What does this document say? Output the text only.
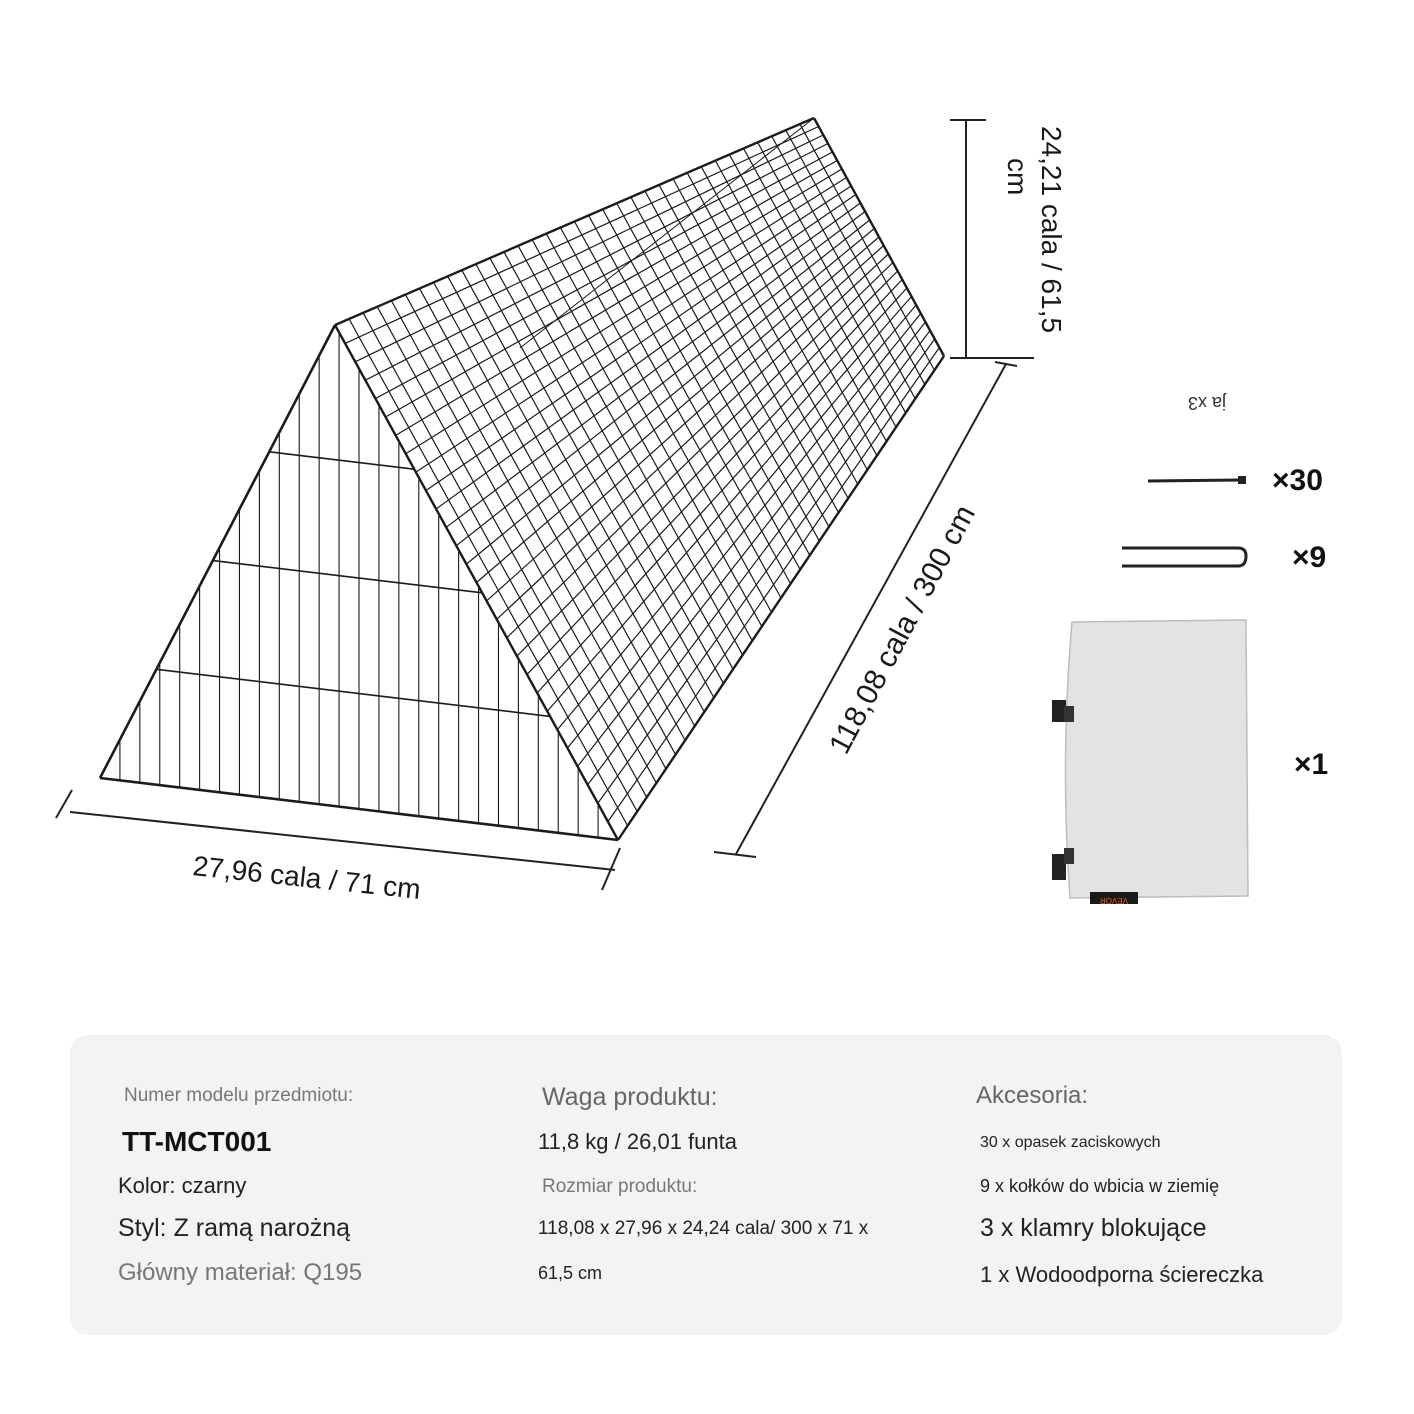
24,21 cala / 61,5
cm
118,08 cala / 300 cm
27,96 cala / 71 cm	VEVOR
ja x3
×30
×9
×1
Numer modelu przedmiotu:
TT-MCT001
Kolor: czarny
Styl: Z ramą narożną
Główny materiał: Q195
Waga produktu:
11,8 kg / 26,01 funta
Rozmiar produktu:
118,08 x 27,96 x 24,24 cala/ 300 x 71 x
61,5 cm
Akcesoria:
30 x opasek zaciskowych
9 x kołków do wbicia w ziemię
3 x klamry blokujące
1 x Wodoodporna ściereczka
